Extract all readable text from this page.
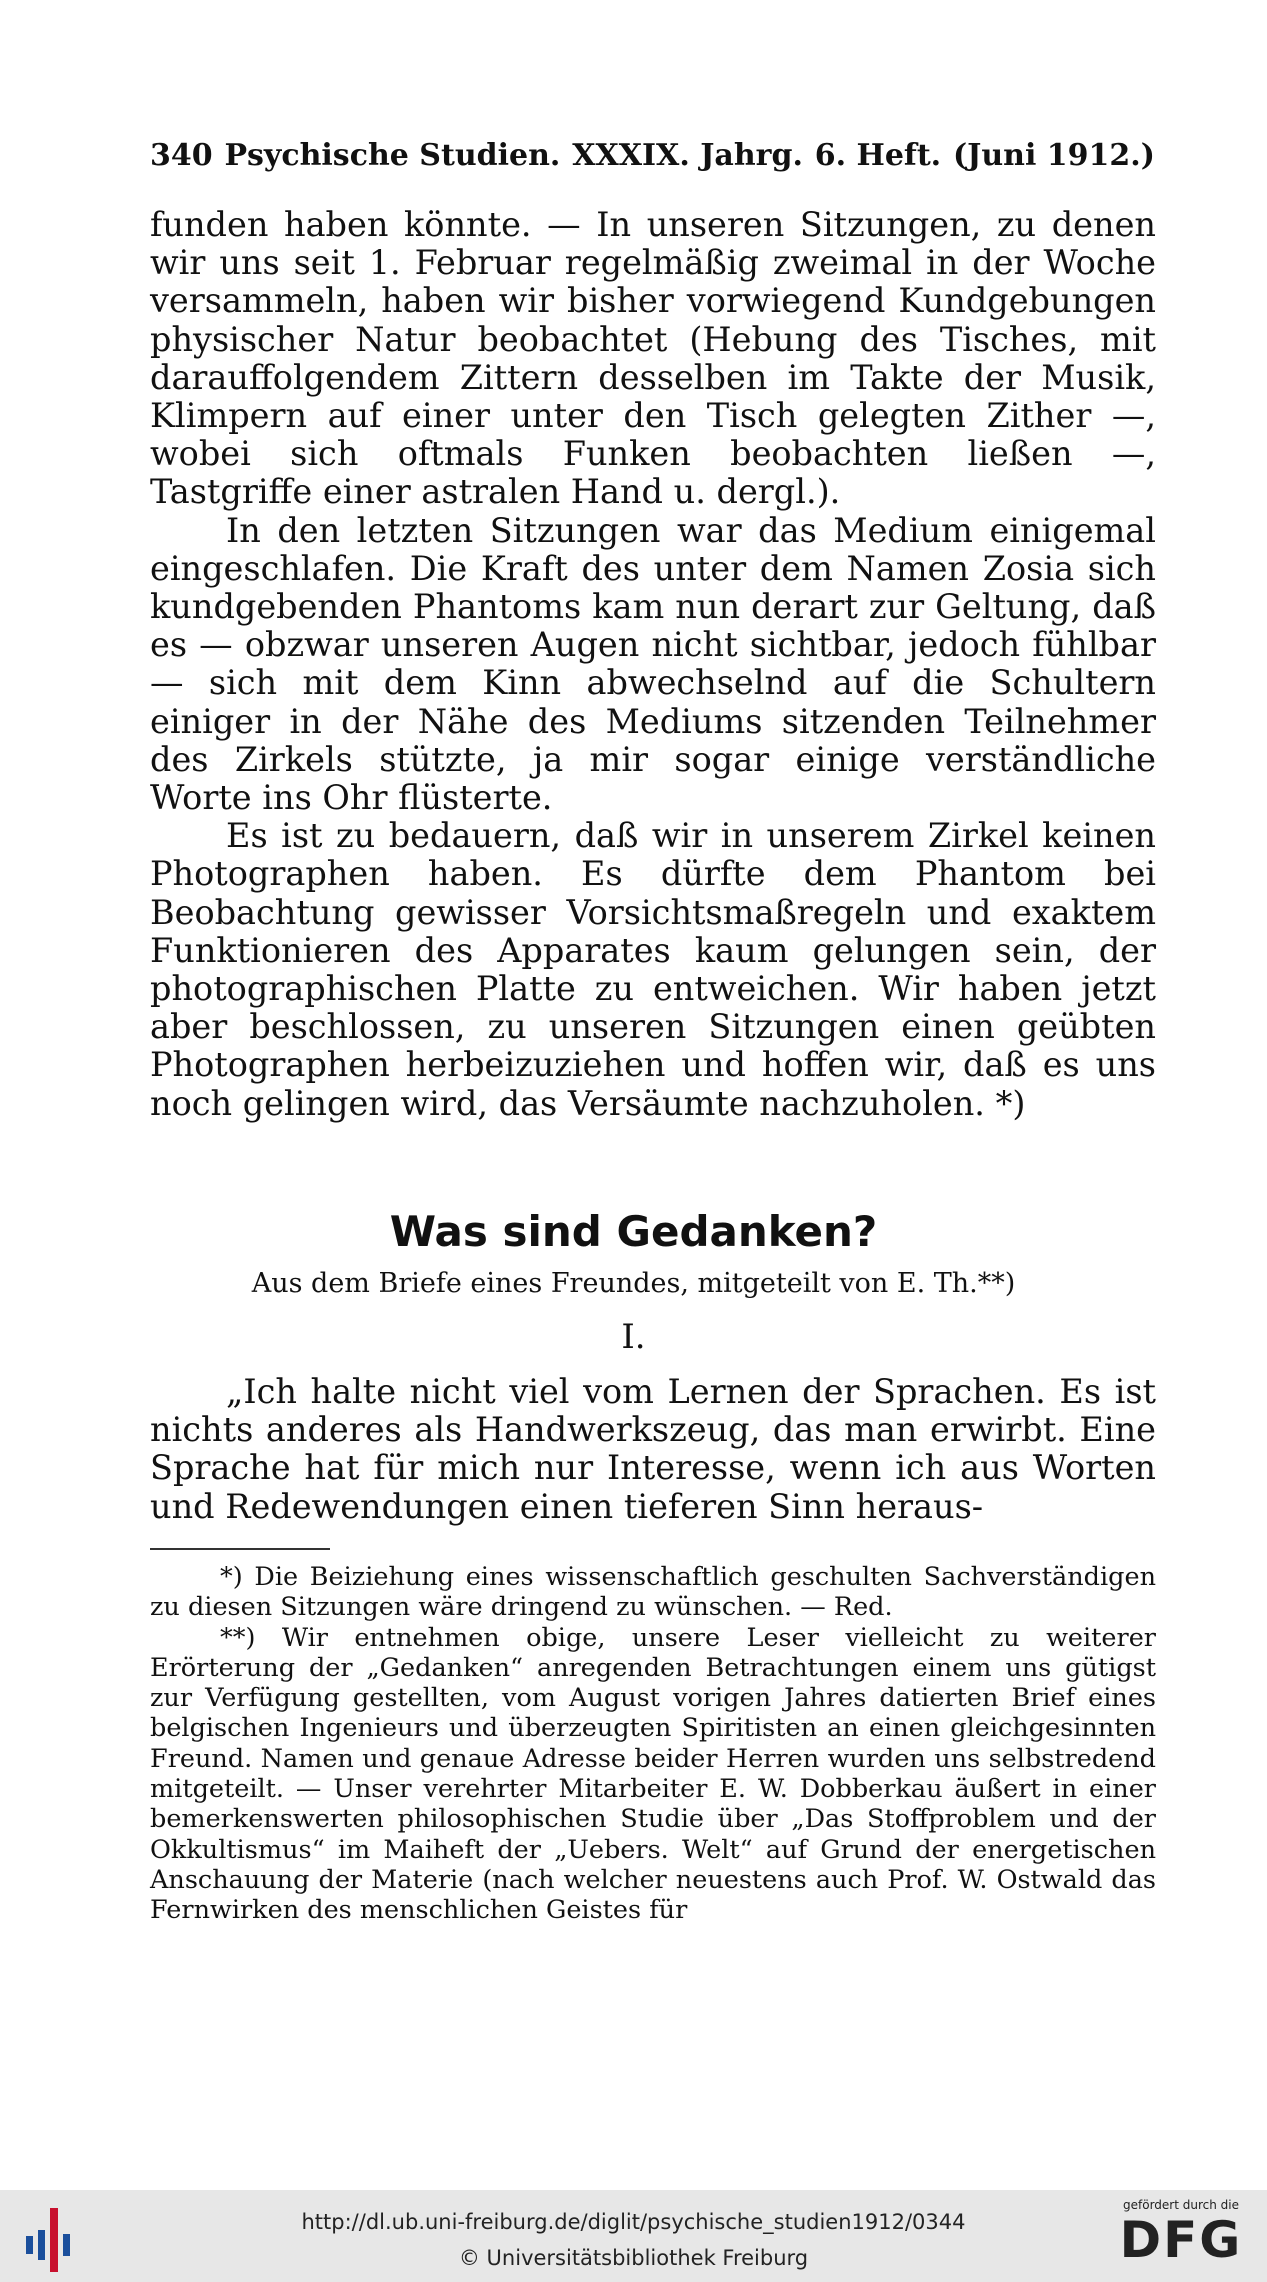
340 Psychische Studien. XXXIX. Jahrg. 6. Heft. (Juni 1912.)

funden haben könnte. — In unseren Sitzungen, zu denen wir uns seit 1. Februar regelmäßig zweimal in der Woche versammeln, haben wir bisher vorwiegend Kundgebungen physischer Natur beobachtet (Hebung des Tisches, mit darauffolgendem Zittern desselben im Takte der Musik, Klimpern auf einer unter den Tisch gelegten Zither —, wobei sich oftmals Funken beobachten ließen —, Tastgriffe einer astralen Hand u. dergl.).

In den letzten Sitzungen war das Medium einigemal eingeschlafen. Die Kraft des unter dem Namen Zosia sich kundgebenden Phantoms kam nun derart zur Geltung, daß es — obzwar unseren Augen nicht sichtbar, jedoch fühlbar — sich mit dem Kinn abwechselnd auf die Schultern einiger in der Nähe des Mediums sitzenden Teilnehmer des Zirkels stützte, ja mir sogar einige verständliche Worte ins Ohr flüsterte.

Es ist zu bedauern, daß wir in unserem Zirkel keinen Photographen haben. Es dürfte dem Phantom bei Beobachtung gewisser Vorsichtsmaßregeln und exaktem Funktionieren des Apparates kaum gelungen sein, der photographischen Platte zu entweichen. Wir haben jetzt aber beschlossen, zu unseren Sitzungen einen geübten Photographen herbeizuziehen und hoffen wir, daß es uns noch gelingen wird, das Versäumte nachzuholen. *)

Was sind Gedanken?
Aus dem Briefe eines Freundes, mitgeteilt von E. Th.**)
I.

„Ich halte nicht viel vom Lernen der Sprachen. Es ist nichts anderes als Handwerkszeug, das man erwirbt. Eine Sprache hat für mich nur Interesse, wenn ich aus Worten und Redewendungen einen tieferen Sinn heraus-

*) Die Beiziehung eines wissenschaftlich geschulten Sachverständigen zu diesen Sitzungen wäre dringend zu wünschen. — Red.

**) Wir entnehmen obige, unsere Leser vielleicht zu weiterer Erörterung der „Gedanken“ anregenden Betrachtungen einem uns gütigst zur Verfügung gestellten, vom August vorigen Jahres datierten Brief eines belgischen Ingenieurs und überzeugten Spiritisten an einen gleichgesinnten Freund. Namen und genaue Adresse beider Herren wurden uns selbstredend mitgeteilt. — Unser verehrter Mitarbeiter E. W. Dobberkau äußert in einer bemerkenswerten philosophischen Studie über „Das Stoffproblem und der Okkultismus“ im Maiheft der „Uebers. Welt“ auf Grund der energetischen Anschauung der Materie (nach welcher neuestens auch Prof. W. Ostwald das Fernwirken des menschlichen Geistes für

http://dl.ub.uni-freiburg.de/diglit/psychische_studien1912/0344
© Universitätsbibliothek Freiburg
gefördert durch die
DFG
